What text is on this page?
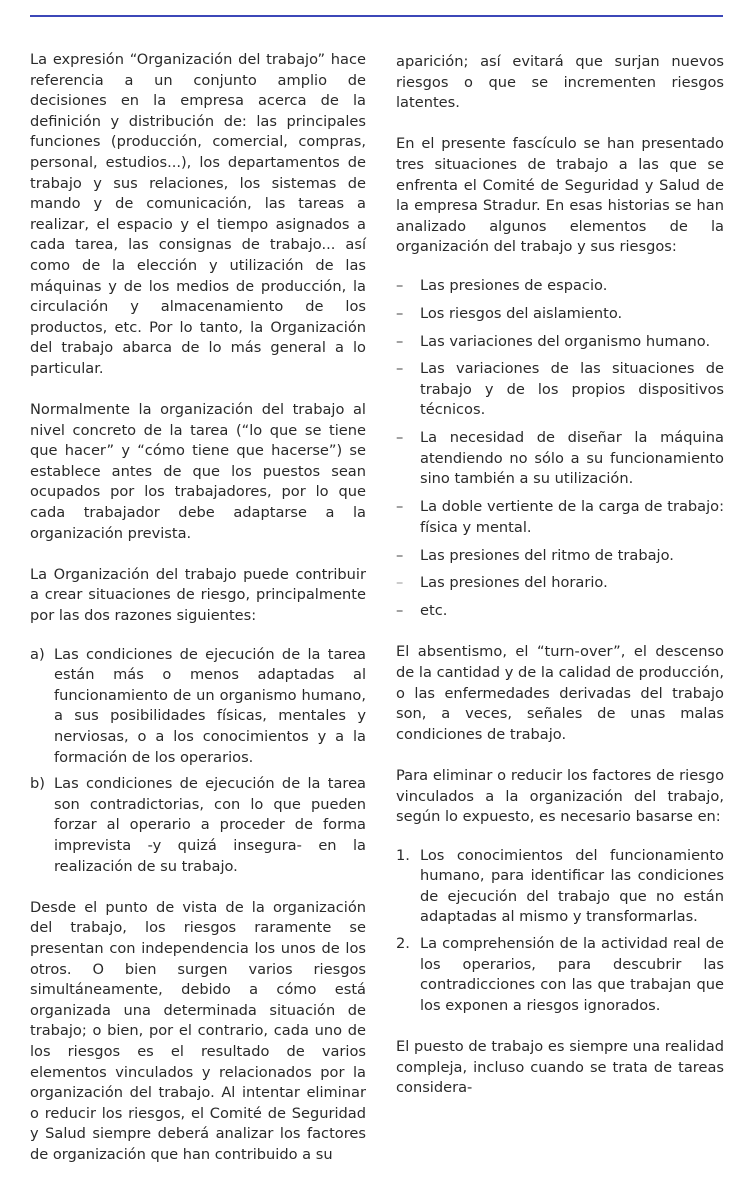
La expresión “Organización del trabajo” hace referencia a un conjunto amplio de decisiones en la empresa acerca de la definición y distribución de: las principales funciones (producción, comercial, compras, personal, estudios...), los departamentos de trabajo y sus relaciones, los sistemas de mando y de comunicación, las tareas a realizar, el espacio y el tiempo asignados a cada tarea, las consignas de trabajo... así como de la elección y utilización de las máquinas y de los medios de producción, la circulación y almacenamiento de los productos, etc. Por lo tanto, la Organización del trabajo abarca de lo más general a lo particular.

Normalmente la organización del trabajo al nivel concreto de la tarea (“lo que se tiene que hacer” y “cómo tiene que hacerse”) se establece antes de que los puestos sean ocupados por los trabajadores, por lo que cada trabajador debe adaptarse a la organización prevista.

La Organización del trabajo puede contribuir a crear situaciones de riesgo, principalmente por las dos razones siguientes:

a) Las condiciones de ejecución de la tarea están más o menos adaptadas al funcionamiento de un organismo humano, a sus posibilidades físicas, mentales y nerviosas, o a los conocimientos y a la formación de los operarios.
b) Las condiciones de ejecución de la tarea son contradictorias, con lo que pueden forzar al operario a proceder de forma imprevista -y quizá insegura- en la realización de su trabajo.

Desde el punto de vista de la organización del trabajo, los riesgos raramente se presentan con independencia los unos de los otros. O bien surgen varios riesgos simultáneamente, debido a cómo está organizada una determinada situación de trabajo; o bien, por el contrario, cada uno de los riesgos es el resultado de varios elementos vinculados y relacionados por la organización del trabajo. Al intentar eliminar o reducir los riesgos, el Comité de Seguridad y Salud siempre deberá analizar los factores de organización que han contribuido a su

aparición; así evitará que surjan nuevos riesgos o que se incrementen riesgos latentes.

En el presente fascículo se han presentado tres situaciones de trabajo a las que se enfrenta el Comité de Seguridad y Salud de la empresa Stradur. En esas historias se han analizado algunos elementos de la organización del trabajo y sus riesgos:

– Las presiones de espacio.
– Los riesgos del aislamiento.
– Las variaciones del organismo humano.
– Las variaciones de las situaciones de trabajo y de los propios dispositivos técnicos.
– La necesidad de diseñar la máquina atendiendo no sólo a su funcionamiento sino también a su utilización.
– La doble vertiente de la carga de trabajo: física y mental.
– Las presiones del ritmo de trabajo.
– Las presiones del horario.
– etc.

El absentismo, el “turn-over”, el descenso de la cantidad y de la calidad de producción, o las enfermedades derivadas del trabajo son, a veces, señales de unas malas condiciones de trabajo.

Para eliminar o reducir los factores de riesgo vinculados a la organización del trabajo, según lo expuesto, es necesario basarse en:

1. Los conocimientos del funcionamiento humano, para identificar las condiciones de ejecución del trabajo que no están adaptadas al mismo y transformarlas.
2. La comprehensión de la actividad real de los operarios, para descubrir las contradicciones con las que trabajan que los exponen a riesgos ignorados.

El puesto de trabajo es siempre una realidad compleja, incluso cuando se trata de tareas considera-
